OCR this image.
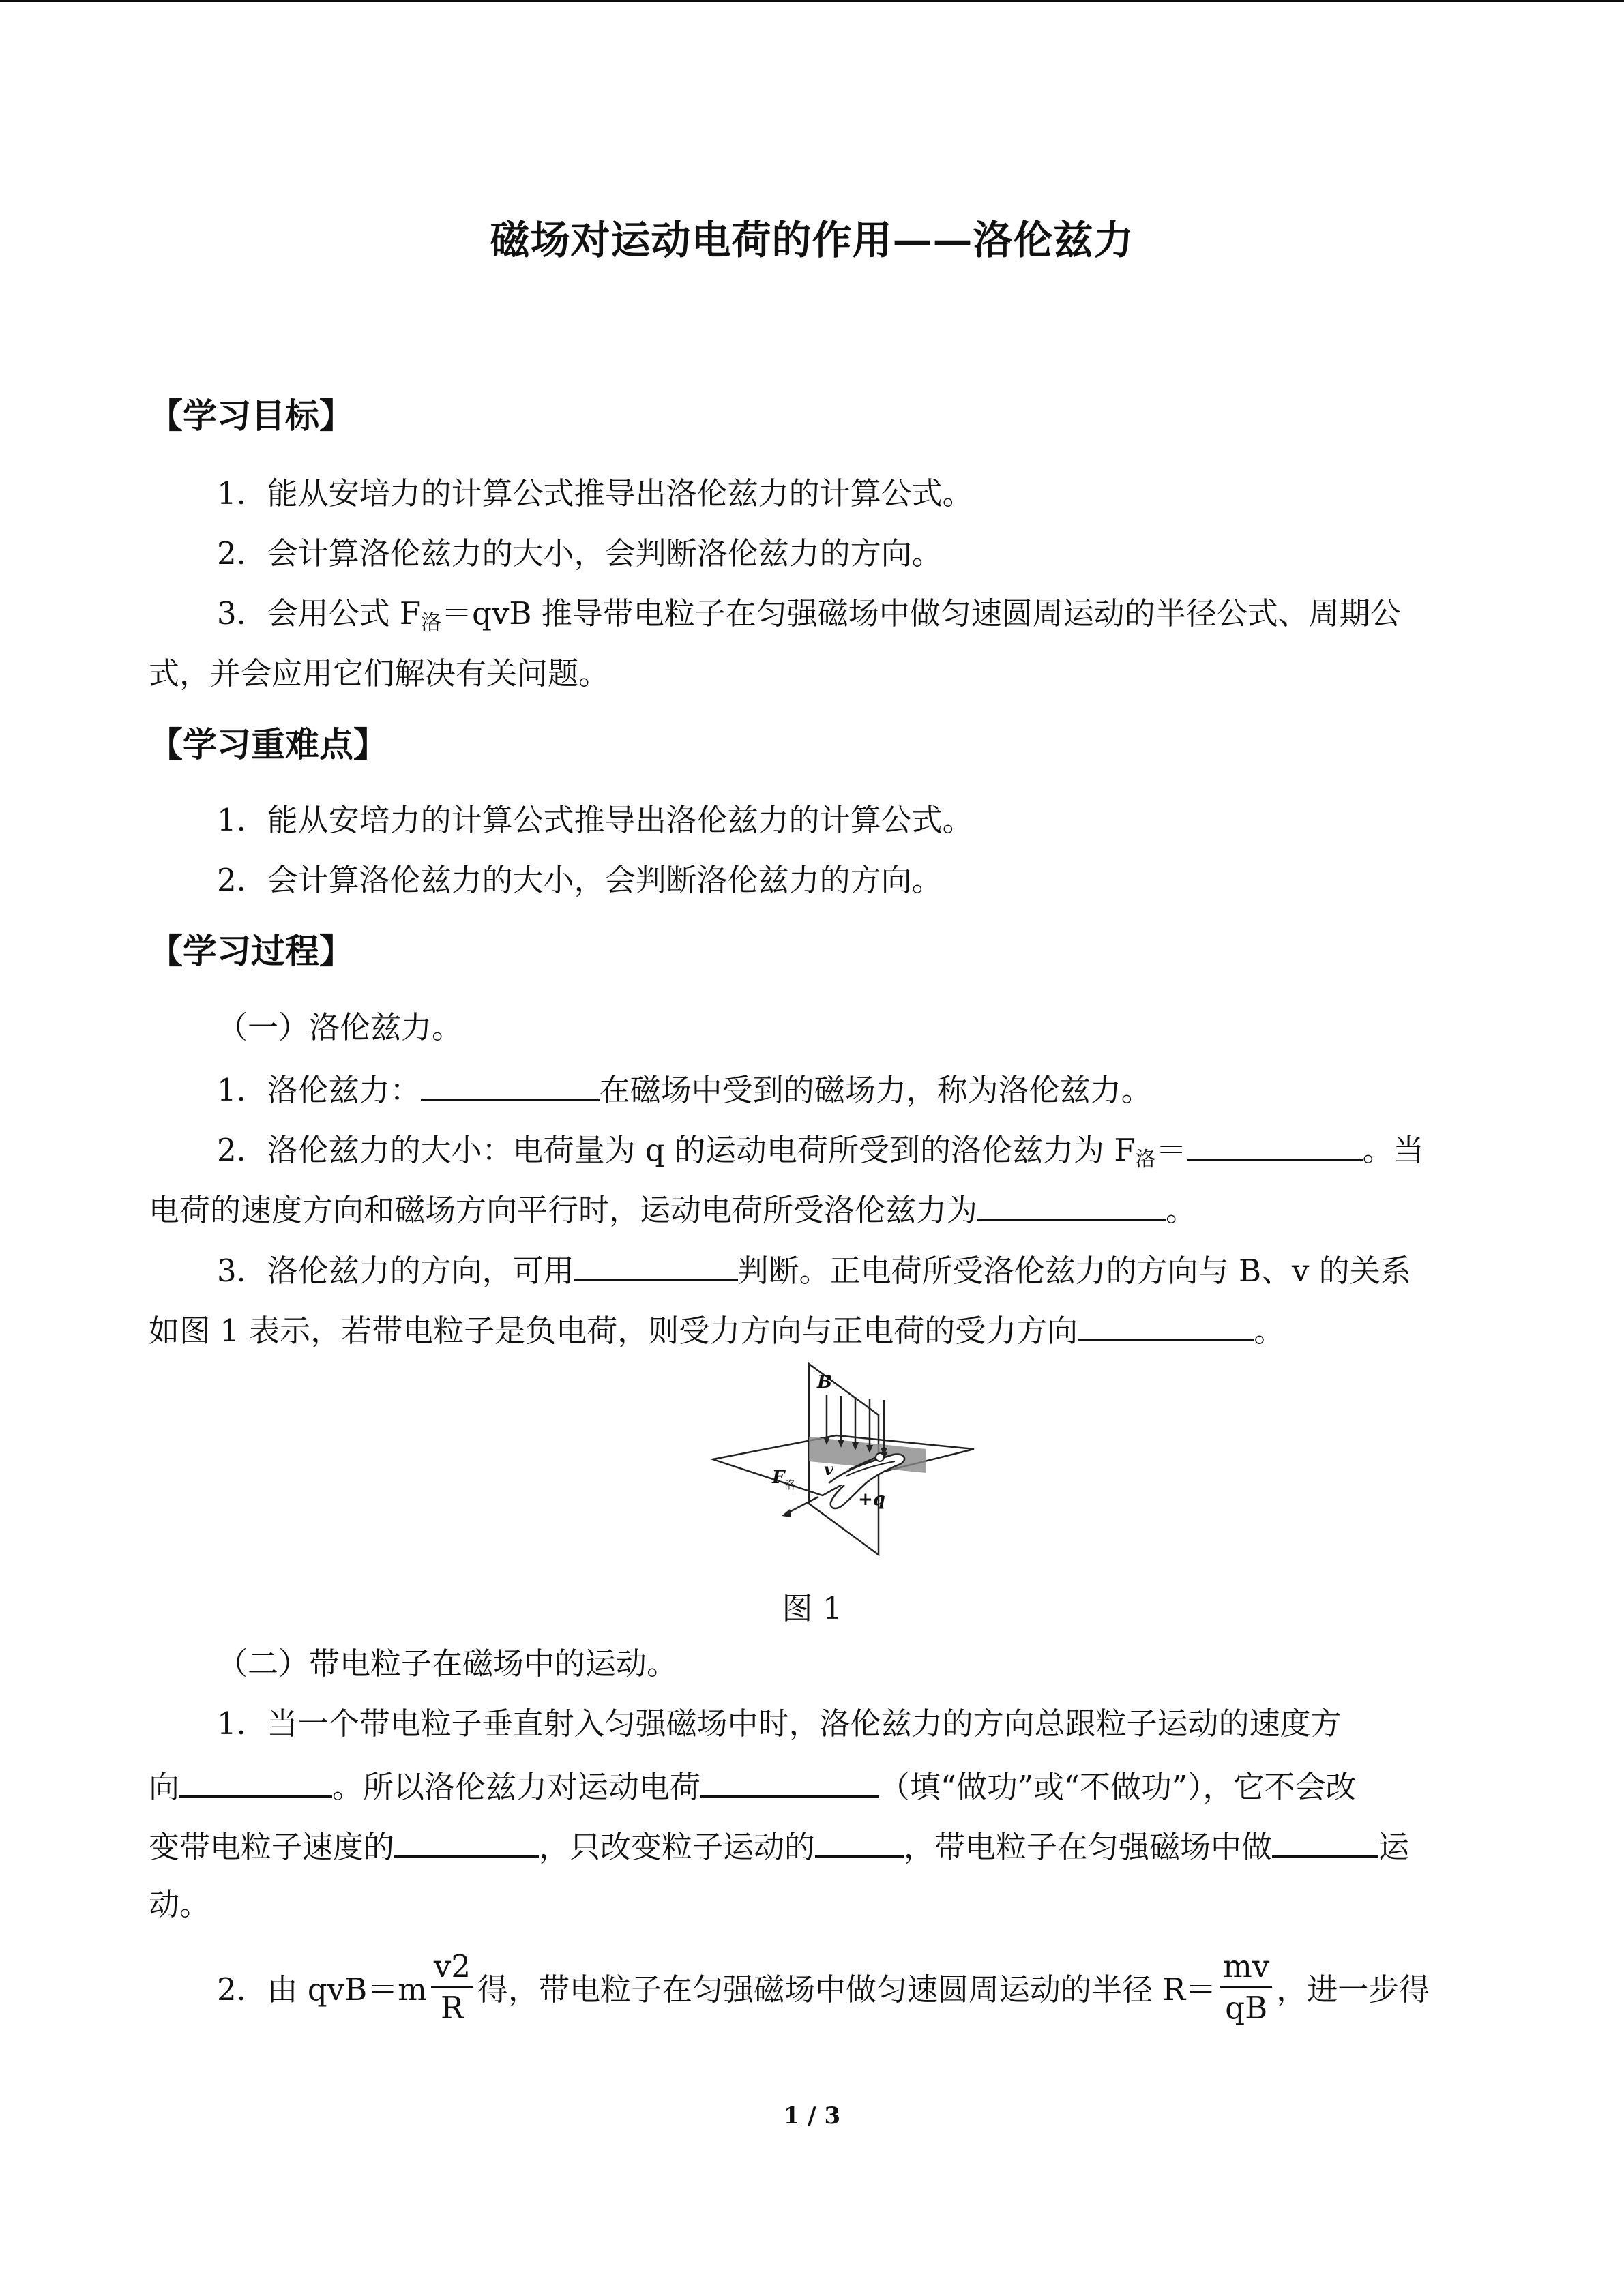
磁场对运动电荷的作用——洛伦兹力
【学习目标】
1．能从安培力的计算公式推导出洛伦兹力的计算公式。
2．会计算洛伦兹力的大小，会判断洛伦兹力的方向。
3．会用公式 $F_洛=qvB$ 推导带电粒子在匀强磁场中做匀速圆周运动的半径公式、周期公
式，并会应用它们解决有关问题。
【学习重难点】
1．能从安培力的计算公式推导出洛伦兹力的计算公式。
2．会计算洛伦兹力的大小，会判断洛伦兹力的方向。
【学习过程】
（一）洛伦兹力。
1．洛伦兹力：	在磁场中受到的磁场力，称为洛伦兹力。
2．洛伦兹力的大小：电荷量为 q 的运动电荷所受到的洛伦兹力为 $F_洛=$	。当
电荷的速度方向和磁场方向平行时，运动电荷所受洛伦兹力为	。
3．洛伦兹力的方向，可用	判断。正电荷所受洛伦兹力的方向与 B、v 的关系
如图 1 表示，若带电粒子是负电荷，则受力方向与正电荷的受力方向	。
B
v
F 洛
+q
图 1
（二）带电粒子在磁场中的运动。
1．当一个带电粒子垂直射入匀强磁场中时，洛伦兹力的方向总跟粒子运动的速度方
向	。所以洛伦兹力对运动电荷	（填“做功”或“不做功”），它不会改
变带电粒子速度的	，只改变粒子运动的	，带电粒子在匀强磁场中做	运
动。
2．由 $qvB=m \frac{v2}{R}$ 得，带电粒子在匀强磁场中做匀速圆周运动的半径 $R= \frac{mv}{qB}$ ，进一步得
1 / 3
